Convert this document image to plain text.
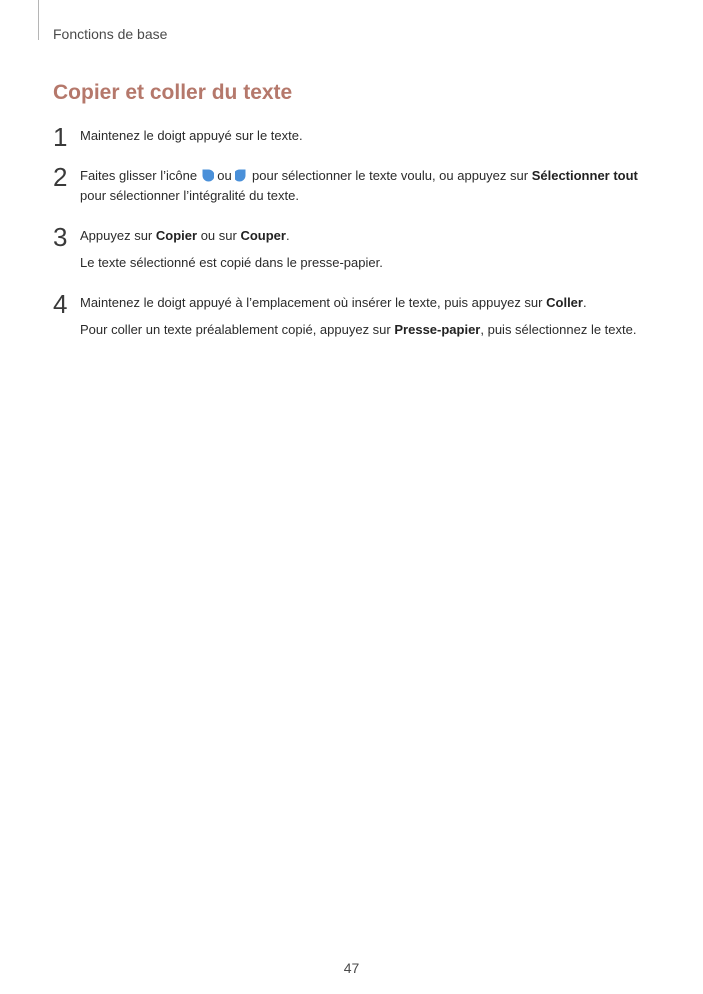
Fonctions de base
Copier et coller du texte
1 Maintenez le doigt appuyé sur le texte.
2 Faites glisser l’icône ou pour sélectionner le texte voulu, ou appuyez sur Sélectionner tout
pour sélectionner l’intégralité du texte.
3 Appuyez sur Copier ou sur Couper.
Le texte sélectionné est copié dans le presse-papier.
4 Maintenez le doigt appuyé à l’emplacement où insérer le texte, puis appuyez sur Coller.
Pour coller un texte préalablement copié, appuyez sur Presse-papier, puis sélectionnez le texte.
47
